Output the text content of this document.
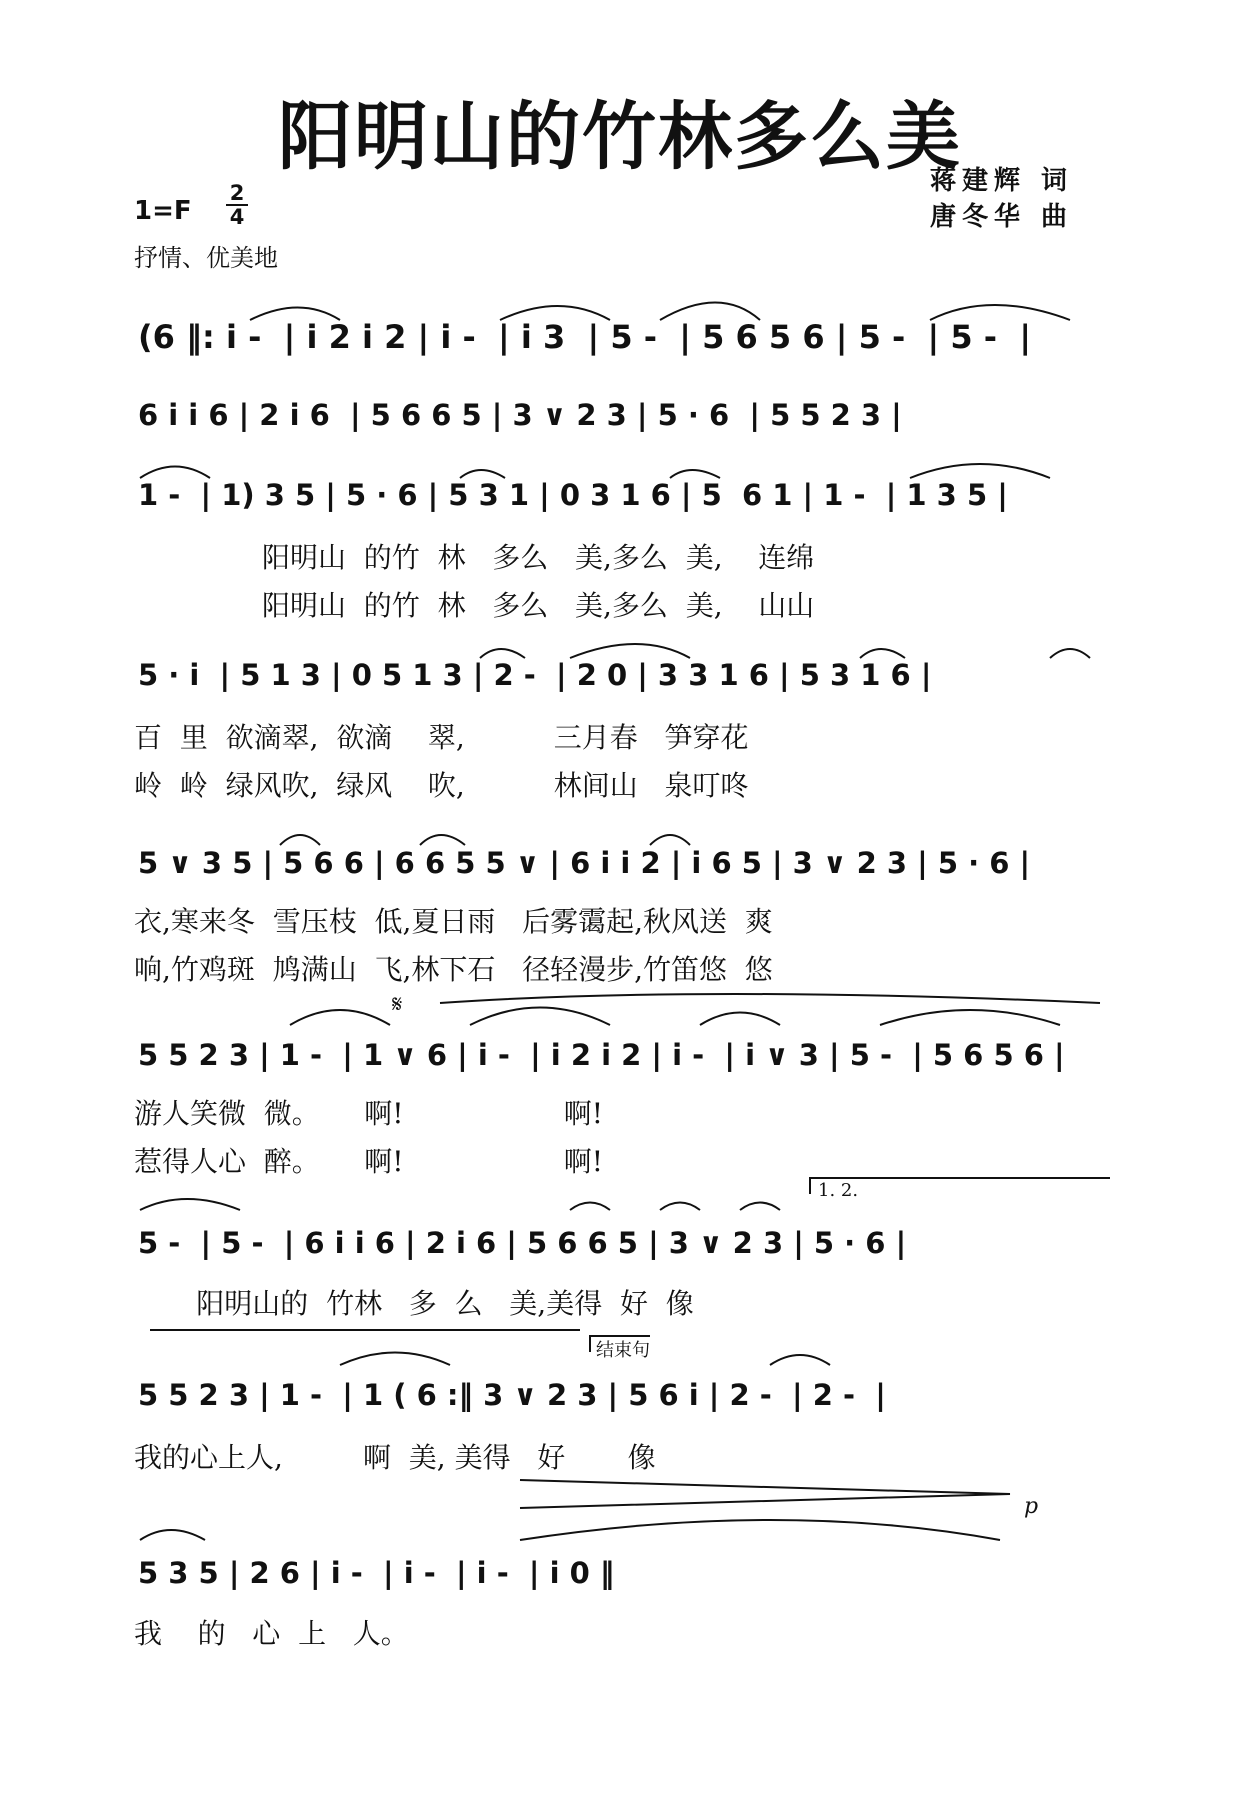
阳明山的竹林多么美
1=F
2
4
抒情、优美地
蒋建辉 词
唐冬华 曲
(6 ‖: i -  | i 2 i 2 | i -  | i 3  | 5 -  | 5 6 5 6 | 5 -  | 5 -  |
6 i i 6 | 2 i 6  | 5 6 6 5 | 3 ∨ 2 3 | 5 · 6  | 5 5 2 3 |
1 -  | 1) 3 5 | 5 · 6 | 5 3 1 | 0 3 1 6 | 5  6 1 | 1 -  | 1 3 5 |
阳明山  的竹  林   多么   美,多么  美,    连绵
阳明山  的竹  林   多么   美,多么  美,    山山
5 · i  | 5 1 3 | 0 5 1 3 | 2 -  | 2 0 | 3 3 1 6 | 5 3 1 6 |
百  里  欲滴翠,  欲滴    翠,          三月春   笋穿花
岭  岭  绿风吹,  绿风    吹,          林间山   泉叮咚
5 ∨ 3 5 | 5 6 6 | 6 6 5 5 ∨ | 6 i i 2 | i 6 5 | 3 ∨ 2 3 | 5 · 6 |
衣,寒来冬  雪压枝  低,夏日雨   后雾霭起,秋风送  爽
响,竹鸡斑  鸠满山  飞,林下石   径轻漫步,竹笛悠  悠
𝄋
5 5 2 3 | 1 -  | 1 ∨ 6 | i -  | i 2 i 2 | i -  | i ∨ 3 | 5 -  | 5 6 5 6 |
游人笑微  微。     啊!                  啊!
惹得人心  醉。     啊!                  啊!
1. 2.
5 -  | 5 -  | 6 i i 6 | 2 i 6 | 5 6 6 5 | 3 ∨ 2 3 | 5 · 6 |
阳明山的  竹林   多  么   美,美得  好  像
结束句
5 5 2 3 | 1 -  | 1 ( 6 :‖ 3 ∨ 2 3 | 5 6 i | 2 -  | 2 -  |
我的心上人,         啊  美, 美得   好       像
p
5 3 5 | 2 6 | i -  | i -  | i -  | i 0 ‖
我    的   心  上   人。
